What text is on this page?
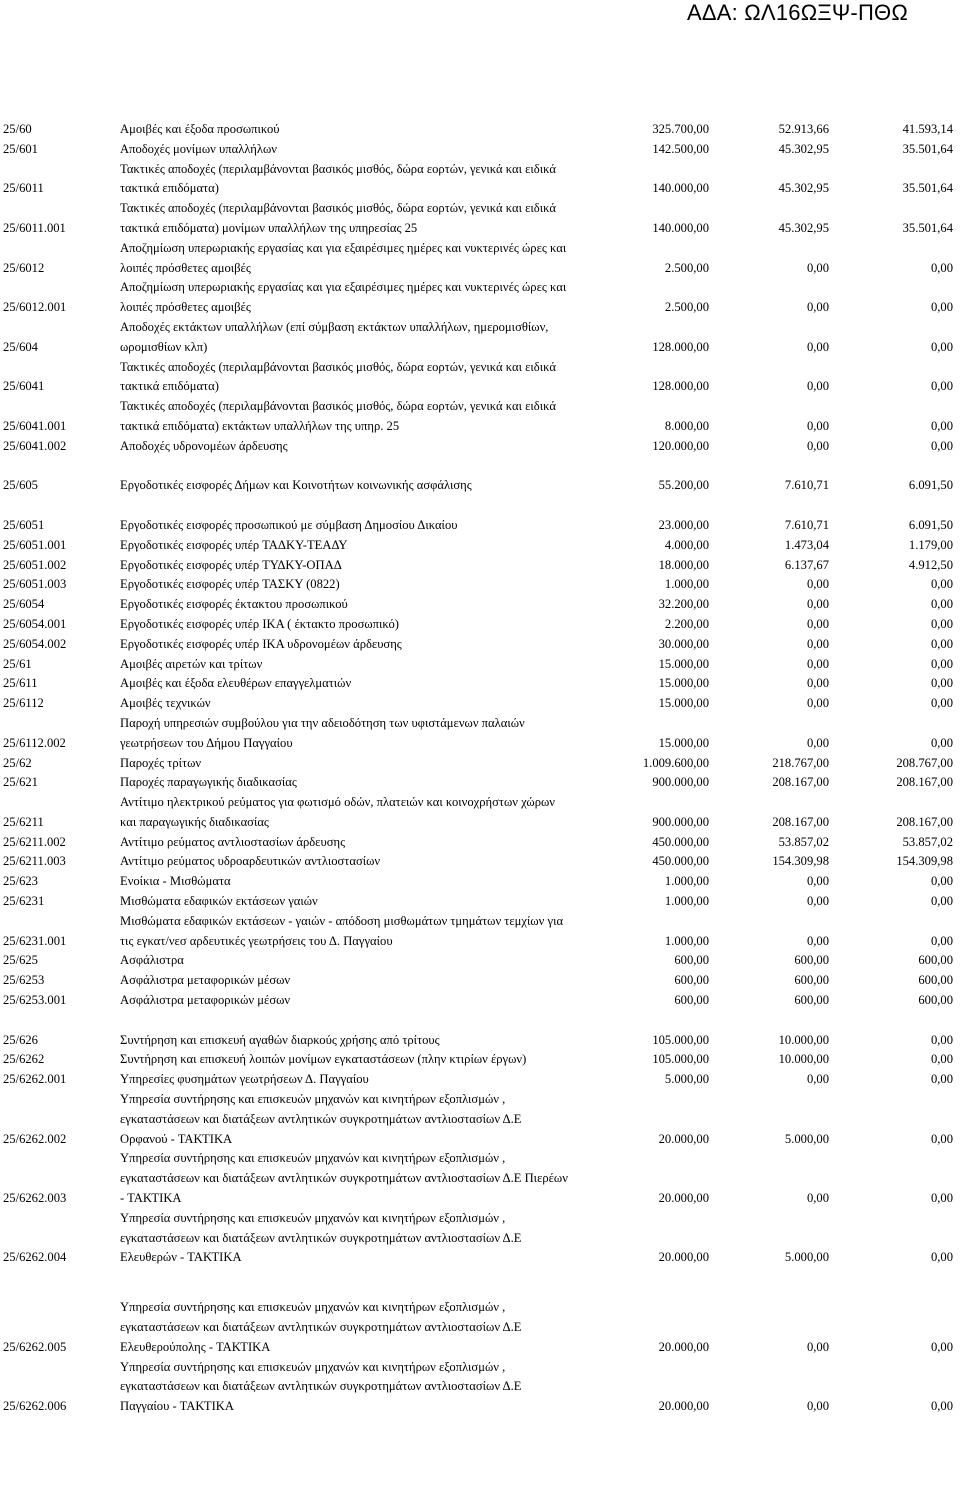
ΑΔΑ: ΩΛ16ΩΞΨ-ΠΘΩ
25/60	Αμοιβές και έξοδα προσωπικού	325.700,00	52.913,66	41.593,14
25/601	Αποδοχές μονίμων υπαλλήλων	142.500,00	45.302,95	35.501,64
25/6011	Τακτικές αποδοχές (περιλαμβάνονται βασικός μισθός, δώρα εορτών, γενικά και ειδικά τακτικά επιδόματα)	140.000,00	45.302,95	35.501,64
25/6011.001	Τακτικές αποδοχές (περιλαμβάνονται βασικός μισθός, δώρα εορτών, γενικά και ειδικά τακτικά επιδόματα) μονίμων υπαλλήλων της υπηρεσίας 25	140.000,00	45.302,95	35.501,64
25/6012	Αποζημίωση υπερωριακής εργασίας και για εξαιρέσιμες ημέρες και νυκτερινές ώρες και λοιπές πρόσθετες αμοιβές	2.500,00	0,00	0,00
25/6012.001	Αποζημίωση υπερωριακής εργασίας και για εξαιρέσιμες ημέρες και νυκτερινές ώρες και λοιπές πρόσθετες αμοιβές	2.500,00	0,00	0,00
25/604	Αποδοχές εκτάκτων υπαλλήλων (επί σύμβαση εκτάκτων υπαλλήλων, ημερομισθίων, ωρομισθίων κλπ)	128.000,00	0,00	0,00
25/6041	Τακτικές αποδοχές (περιλαμβάνονται βασικός μισθός, δώρα εορτών, γενικά και ειδικά τακτικά επιδόματα)	128.000,00	0,00	0,00
25/6041.001	Τακτικές αποδοχές (περιλαμβάνονται βασικός μισθός, δώρα εορτών, γενικά και ειδικά τακτικά επιδόματα) εκτάκτων υπαλλήλων της υπηρ. 25	8.000,00	0,00	0,00
25/6041.002	Αποδοχές υδρονομέων άρδευσης	120.000,00	0,00	0,00

25/605	Εργοδοτικές εισφορές Δήμων και Κοινοτήτων κοινωνικής ασφάλισης	55.200,00	7.610,71	6.091,50

25/6051	Εργοδοτικές εισφορές προσωπικού με σύμβαση Δημοσίου Δικαίου	23.000,00	7.610,71	6.091,50
25/6051.001	Εργοδοτικές εισφορές υπέρ ΤΑΔΚΥ-ΤΕΑΔΥ	4.000,00	1.473,04	1.179,00
25/6051.002	Εργοδοτικές εισφορές υπέρ ΤΥΔΚΥ-ΟΠΑΔ	18.000,00	6.137,67	4.912,50
25/6051.003	Εργοδοτικές εισφορές υπέρ ΤΑΣΚΥ (0822)	1.000,00	0,00	0,00
25/6054	Εργοδοτικές εισφορές έκτακτου προσωπικού	32.200,00	0,00	0,00
25/6054.001	Εργοδοτικές εισφορές υπέρ ΙΚΑ ( έκτακτο προσωπικό)	2.200,00	0,00	0,00
25/6054.002	Εργοδοτικές εισφορές υπέρ ΙΚΑ υδρονομέων άρδευσης	30.000,00	0,00	0,00
25/61	Αμοιβές αιρετών και τρίτων	15.000,00	0,00	0,00
25/611	Αμοιβές και έξοδα ελευθέρων επαγγελματιών	15.000,00	0,00	0,00
25/6112	Αμοιβές τεχνικών	15.000,00	0,00	0,00
25/6112.002	Παροχή υπηρεσιών συμβούλου για την αδειοδότηση των υφιστάμενων παλαιών γεωτρήσεων του Δήμου Παγγαίου	15.000,00	0,00	0,00
25/62	Παροχές τρίτων	1.009.600,00	218.767,00	208.767,00
25/621	Παροχές παραγωγικής διαδικασίας	900.000,00	208.167,00	208.167,00
25/6211	Αντίτιμο ηλεκτρικού ρεύματος για φωτισμό οδών, πλατειών και κοινοχρήστων χώρων και παραγωγικής διαδικασίας	900.000,00	208.167,00	208.167,00
25/6211.002	Αντίτιμο ρεύματος αντλιοστασίων άρδευσης	450.000,00	53.857,02	53.857,02
25/6211.003	Αντίτιμο ρεύματος υδροαρδευτικών αντλιοστασίων	450.000,00	154.309,98	154.309,98
25/623	Ενοίκια - Μισθώματα	1.000,00	0,00	0,00
25/6231	Μισθώματα εδαφικών εκτάσεων γαιών	1.000,00	0,00	0,00
25/6231.001	Μισθώματα εδαφικών εκτάσεων - γαιών - απόδοση μισθωμάτων τμημάτων τεμχίων για τις εγκατ/νεσ αρδευτικές γεωτρήσεις του Δ. Παγγαίου	1.000,00	0,00	0,00
25/625	Ασφάλιστρα	600,00	600,00	600,00
25/6253	Ασφάλιστρα μεταφορικών μέσων	600,00	600,00	600,00
25/6253.001	Ασφάλιστρα μεταφορικών μέσων	600,00	600,00	600,00

25/626	Συντήρηση και επισκευή αγαθών διαρκούς χρήσης από τρίτους	105.000,00	10.000,00	0,00
25/6262	Συντήρηση και επισκευή λοιπών μονίμων εγκαταστάσεων (πλην κτιρίων έργων)	105.000,00	10.000,00	0,00
25/6262.001	Υπηρεσίες φυσημάτων γεωτρήσεων Δ. Παγγαίου	5.000,00	0,00	0,00
25/6262.002	Υπηρεσία συντήρησης και επισκευών μηχανών και κινητήρων εξοπλισμών , εγκαταστάσεων και διατάξεων αντλητικών συγκροτημάτων αντλιοστασίων Δ.Ε Ορφανού - ΤΑΚΤΙΚΑ	20.000,00	5.000,00	0,00
25/6262.003	Υπηρεσία συντήρησης και επισκευών μηχανών και κινητήρων εξοπλισμών , εγκαταστάσεων και διατάξεων αντλητικών συγκροτημάτων αντλιοστασίων Δ.Ε Πιερέων - ΤΑΚΤΙΚΑ	20.000,00	0,00	0,00
25/6262.004	Υπηρεσία συντήρησης και επισκευών μηχανών και κινητήρων εξοπλισμών , εγκαταστάσεων και διατάξεων αντλητικών συγκροτημάτων αντλιοστασίων Δ.Ε Ελευθερών - ΤΑΚΤΙΚΑ	20.000,00	5.000,00	0,00

25/6262.005	Υπηρεσία συντήρησης και επισκευών μηχανών και κινητήρων εξοπλισμών , εγκαταστάσεων και διατάξεων αντλητικών συγκροτημάτων αντλιοστασίων Δ.Ε Ελευθερούπολης - ΤΑΚΤΙΚΑ	20.000,00	0,00	0,00
25/6262.006	Υπηρεσία συντήρησης και επισκευών μηχανών και κινητήρων εξοπλισμών , εγκαταστάσεων και διατάξεων αντλητικών συγκροτημάτων αντλιοστασίων Δ.Ε Παγγαίου - ΤΑΚΤΙΚΑ	20.000,00	0,00	0,00
